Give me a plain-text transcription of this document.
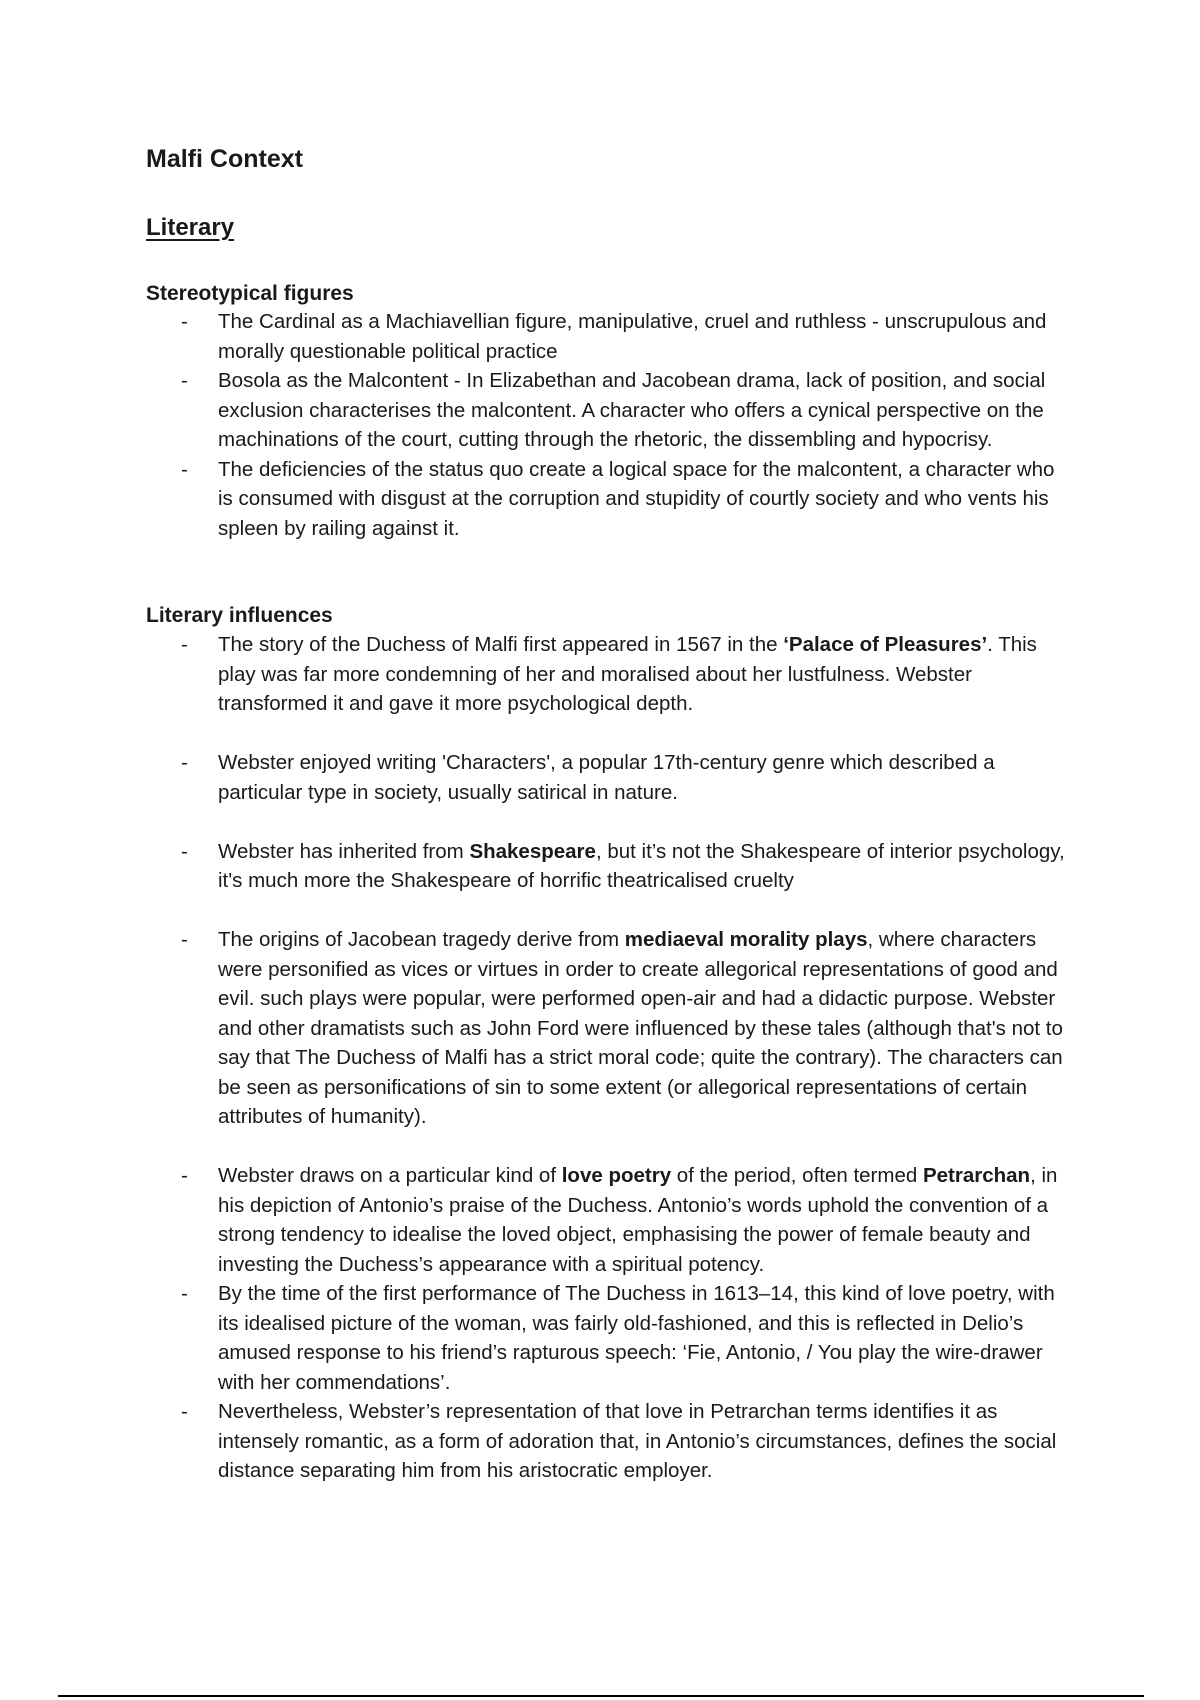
Malfi Context
Literary
Stereotypical figures
- The Cardinal as a Machiavellian figure, manipulative, cruel and ruthless - unscrupulous and morally questionable political practice
- Bosola as the Malcontent - In Elizabethan and Jacobean drama, lack of position, and social exclusion characterises the malcontent. A character who offers a cynical perspective on the machinations of the court, cutting through the rhetoric, the dissembling and hypocrisy.
- The deficiencies of the status quo create a logical space for the malcontent, a character who is consumed with disgust at the corruption and stupidity of courtly society and who vents his spleen by railing against it.
Literary influences
- The story of the Duchess of Malfi first appeared in 1567 in the ‘Palace of Pleasures’. This play was far more condemning of her and moralised about her lustfulness. Webster transformed it and gave it more psychological depth.
- Webster enjoyed writing 'Characters', a popular 17th-century genre which described a particular type in society, usually satirical in nature.
- Webster has inherited from Shakespeare, but it’s not the Shakespeare of interior psychology, it's much more the Shakespeare of horrific theatricalised cruelty
- The origins of Jacobean tragedy derive from mediaeval morality plays, where characters were personified as vices or virtues in order to create allegorical representations of good and evil. such plays were popular, were performed open-air and had a didactic purpose. Webster and other dramatists such as John Ford were influenced by these tales (although that's not to say that The Duchess of Malfi has a strict moral code; quite the contrary). The characters can be seen as personifications of sin to some extent (or allegorical representations of certain attributes of humanity).
- Webster draws on a particular kind of love poetry of the period, often termed Petrarchan, in his depiction of Antonio’s praise of the Duchess. Antonio’s words uphold the convention of a strong tendency to idealise the loved object, emphasising the power of female beauty and investing the Duchess’s appearance with a spiritual potency.
- By the time of the first performance of The Duchess in 1613–14, this kind of love poetry, with its idealised picture of the woman, was fairly old-fashioned, and this is reflected in Delio’s amused response to his friend’s rapturous speech: ‘Fie, Antonio, / You play the wire-drawer with her commendations’.
- Nevertheless, Webster’s representation of that love in Petrarchan terms identifies it as intensely romantic, as a form of adoration that, in Antonio’s circumstances, defines the social distance separating him from his aristocratic employer.
